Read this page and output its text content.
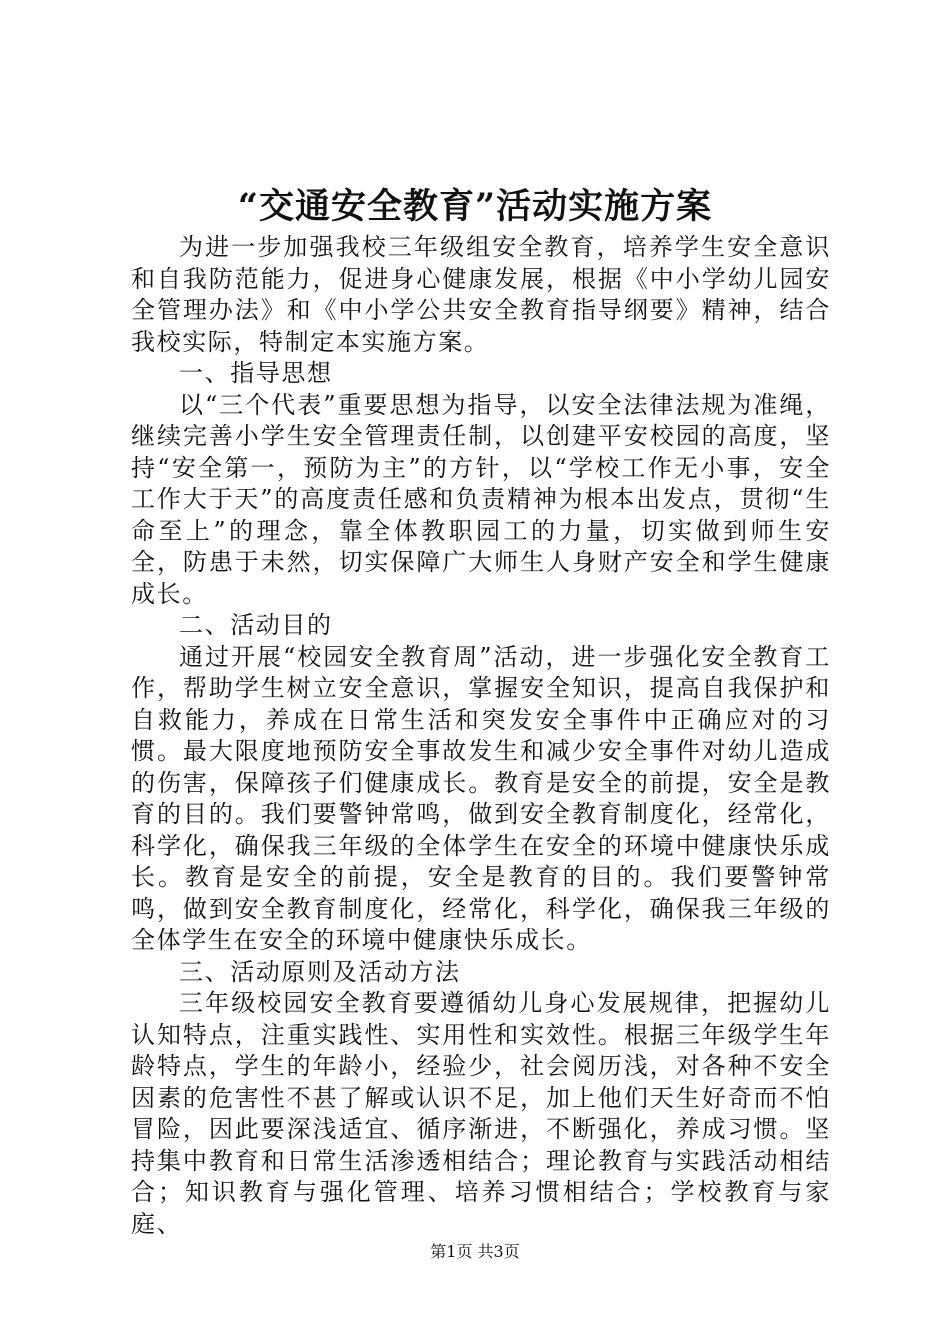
“交通安全教育”活动实施方案

为进一步加强我校三年级组安全教育，培养学生安全意识和自我防范能力，促进身心健康发展，根据《中小学幼儿园安全管理办法》和《中小学公共安全教育指导纲要》精神，结合我校实际，特制定本实施方案。

一、指导思想

以“三个代表”重要思想为指导，以安全法律法规为准绳，继续完善小学生安全管理责任制，以创建平安校园的高度，坚持“安全第一，预防为主”的方针，以“学校工作无小事，安全工作大于天”的高度责任感和负责精神为根本出发点，贯彻“生命至上”的理念，靠全体教职园工的力量，切实做到师生安全，防患于未然，切实保障广大师生人身财产安全和学生健康成长。

二、活动目的

通过开展“校园安全教育周”活动，进一步强化安全教育工作，帮助学生树立安全意识，掌握安全知识，提高自我保护和自救能力，养成在日常生活和突发安全事件中正确应对的习惯。最大限度地预防安全事故发生和减少安全事件对幼儿造成的伤害，保障孩子们健康成长。教育是安全的前提，安全是教育的目的。我们要警钟常鸣，做到安全教育制度化，经常化，科学化，确保我三年级的全体学生在安全的环境中健康快乐成长。教育是安全的前提，安全是教育的目的。我们要警钟常鸣，做到安全教育制度化，经常化，科学化，确保我三年级的全体学生在安全的环境中健康快乐成长。

三、活动原则及活动方法

三年级校园安全教育要遵循幼儿身心发展规律，把握幼儿认知特点，注重实践性、实用性和实效性。根据三年级学生年龄特点，学生的年龄小，经验少，社会阅历浅，对各种不安全因素的危害性不甚了解或认识不足，加上他们天生好奇而不怕冒险，因此要深浅适宜、循序渐进，不断强化，养成习惯。坚持集中教育和日常生活渗透相结合；理论教育与实践活动相结合；知识教育与强化管理、培养习惯相结合；学校教育与家庭、

第1页 共3页
